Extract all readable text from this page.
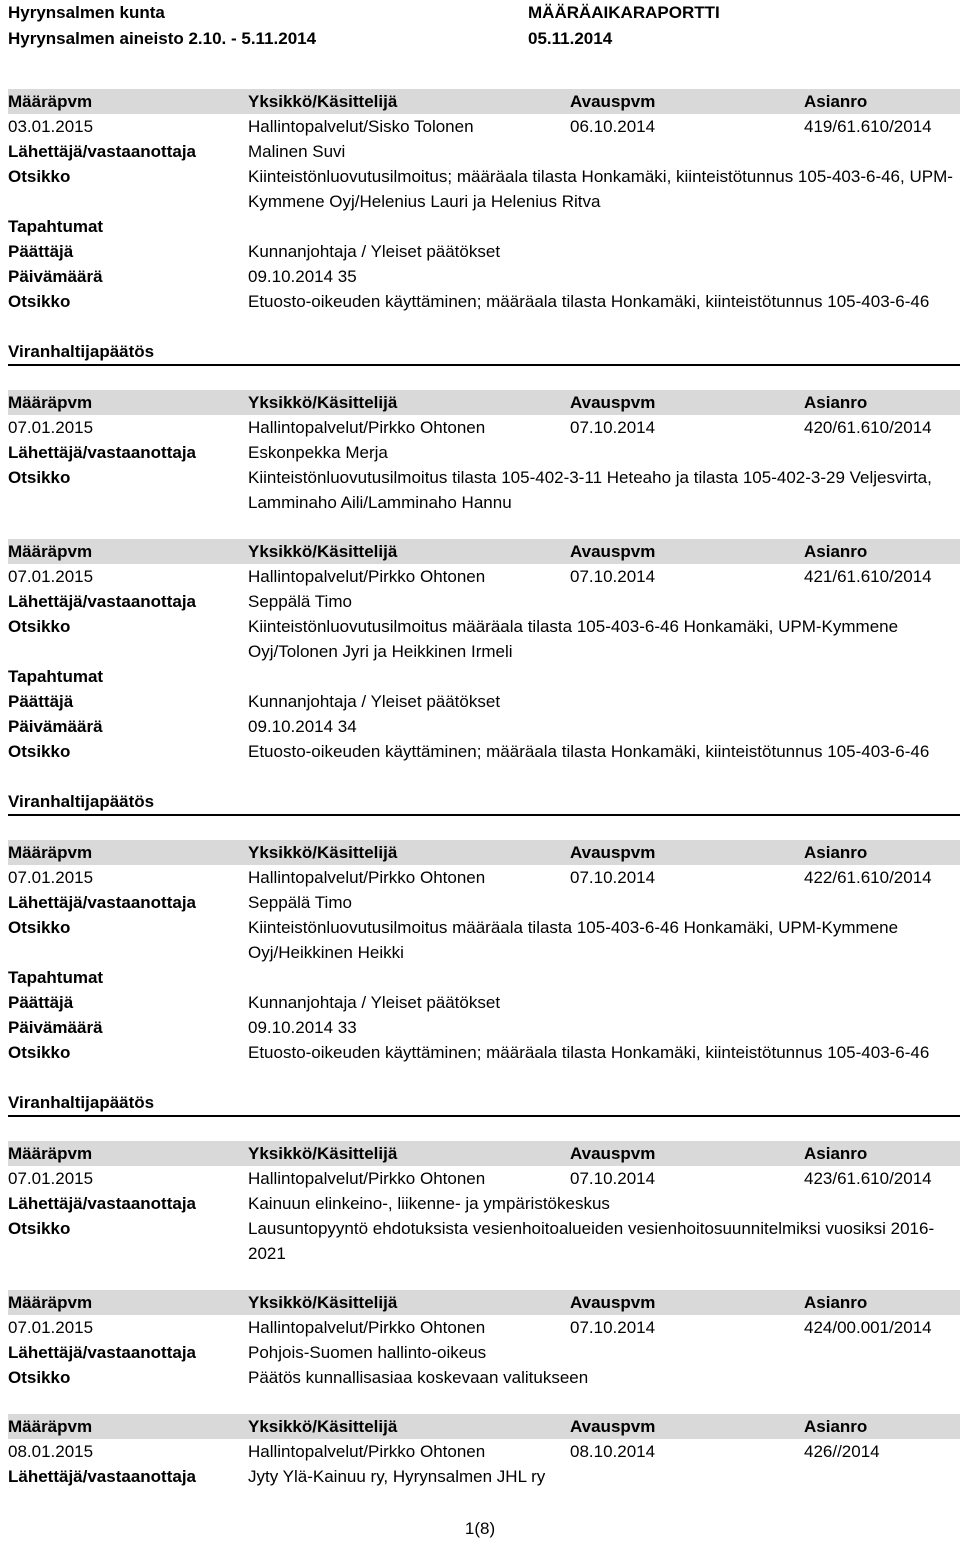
Hyrynsalmen kunta	MÄÄRÄAIKARAPORTTI
Hyrynsalmen aineisto 2.10. - 5.11.2014	05.11.2014
Määräpvm	Yksikkö/Käsittelijä	Avauspvm	Asianro
03.01.2015	Hallintopalvelut/Sisko Tolonen	06.10.2014	419/61.610/2014
Lähettäjä/vastaanottaja	Malinen Suvi
Otsikko	Kiinteistönluovutusilmoitus; määräala tilasta Honkamäki, kiinteistötunnus 105-403-6-46, UPM-Kymmene Oyj/Helenius Lauri ja Helenius Ritva
Tapahtumat
Päättäjä	Kunnanjohtaja / Yleiset päätökset
Päivämäärä	09.10.2014 35
Otsikko	Etuosto-oikeuden käyttäminen; määräala tilasta Honkamäki, kiinteistötunnus 105-403-6-46
Viranhaltijapäätös
Määräpvm	Yksikkö/Käsittelijä	Avauspvm	Asianro
07.01.2015	Hallintopalvelut/Pirkko Ohtonen	07.10.2014	420/61.610/2014
Lähettäjä/vastaanottaja	Eskonpekka Merja
Otsikko	Kiinteistönluovutusilmoitus tilasta 105-402-3-11 Heteaho ja tilasta 105-402-3-29 Veljesvirta, Lamminaho Aili/Lamminaho Hannu
Määräpvm	Yksikkö/Käsittelijä	Avauspvm	Asianro
07.01.2015	Hallintopalvelut/Pirkko Ohtonen	07.10.2014	421/61.610/2014
Lähettäjä/vastaanottaja	Seppälä Timo
Otsikko	Kiinteistönluovutusilmoitus määräala tilasta 105-403-6-46 Honkamäki, UPM-Kymmene Oyj/Tolonen Jyri ja Heikkinen Irmeli
Tapahtumat
Päättäjä	Kunnanjohtaja / Yleiset päätökset
Päivämäärä	09.10.2014 34
Otsikko	Etuosto-oikeuden käyttäminen; määräala tilasta Honkamäki, kiinteistötunnus 105-403-6-46
Viranhaltijapäätös
Määräpvm	Yksikkö/Käsittelijä	Avauspvm	Asianro
07.01.2015	Hallintopalvelut/Pirkko Ohtonen	07.10.2014	422/61.610/2014
Lähettäjä/vastaanottaja	Seppälä Timo
Otsikko	Kiinteistönluovutusilmoitus määräala tilasta 105-403-6-46 Honkamäki, UPM-Kymmene Oyj/Heikkinen Heikki
Tapahtumat
Päättäjä	Kunnanjohtaja / Yleiset päätökset
Päivämäärä	09.10.2014 33
Otsikko	Etuosto-oikeuden käyttäminen; määräala tilasta Honkamäki, kiinteistötunnus 105-403-6-46
Viranhaltijapäätös
Määräpvm	Yksikkö/Käsittelijä	Avauspvm	Asianro
07.01.2015	Hallintopalvelut/Pirkko Ohtonen	07.10.2014	423/61.610/2014
Lähettäjä/vastaanottaja	Kainuun elinkeino-, liikenne- ja ympäristökeskus
Otsikko	Lausuntopyyntö ehdotuksista vesienhoitoalueiden vesienhoitosuunnitelmiksi vuosiksi 2016-2021
Määräpvm	Yksikkö/Käsittelijä	Avauspvm	Asianro
07.01.2015	Hallintopalvelut/Pirkko Ohtonen	07.10.2014	424/00.001/2014
Lähettäjä/vastaanottaja	Pohjois-Suomen hallinto-oikeus
Otsikko	Päätös kunnallisasiaa koskevaan valitukseen
Määräpvm	Yksikkö/Käsittelijä	Avauspvm	Asianro
08.01.2015	Hallintopalvelut/Pirkko Ohtonen	08.10.2014	426//2014
Lähettäjä/vastaanottaja	Jyty Ylä-Kainuu ry, Hyrynsalmen JHL ry
1(8)
